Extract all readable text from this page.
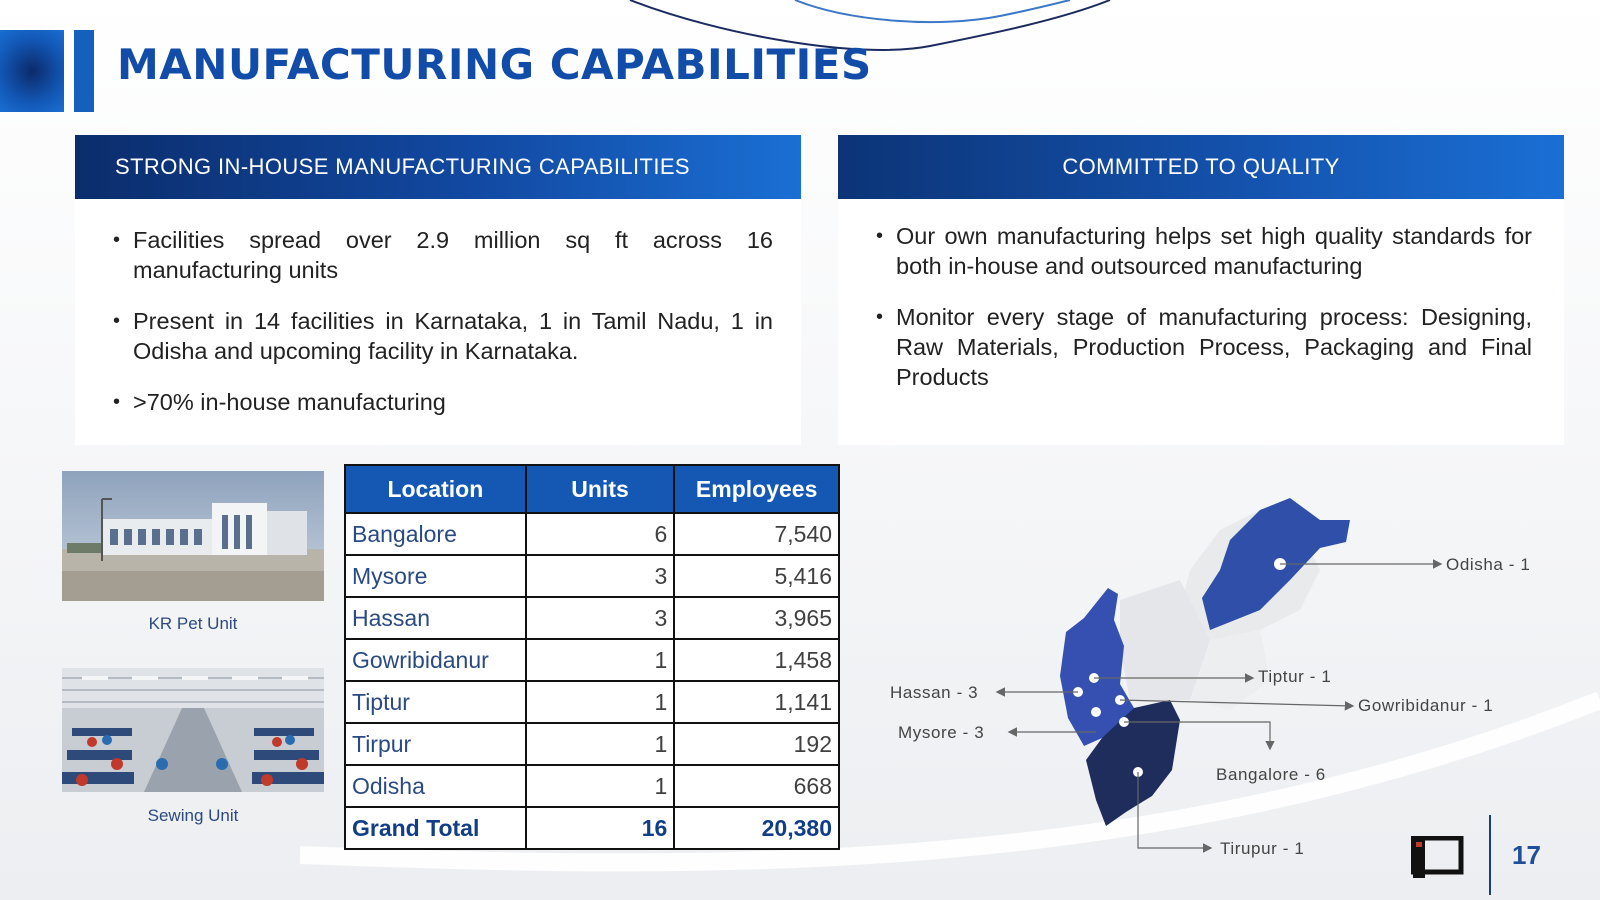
MANUFACTURING CAPABILITIES
STRONG IN-HOUSE MANUFACTURING CAPABILITIES
• Facilities spread over 2.9 million sq ft across 16 manufacturing units
• Present in 14 facilities in Karnataka, 1 in Tamil Nadu, 1 in Odisha and upcoming facility in Karnataka.
• >70% in-house manufacturing
COMMITTED TO QUALITY
• Our own manufacturing helps set high quality standards for both in-house and outsourced manufacturing
• Monitor every stage of manufacturing process: Designing, Raw Materials, Production Process, Packaging and Final Products
KR Pet Unit
Sewing Unit
Location	Units	Employees
Bangalore	6	7,540
Mysore	3	5,416
Hassan	3	3,965
Gowribidanur	1	1,458
Tiptur	1	1,141
Tirpur	1	192
Odisha	1	668
Grand Total	16	20,380
Odisha - 1
Tiptur - 1
Hassan - 3
Gowribidanur - 1
Mysore - 3
Bangalore - 6
Tirupur - 1	17
